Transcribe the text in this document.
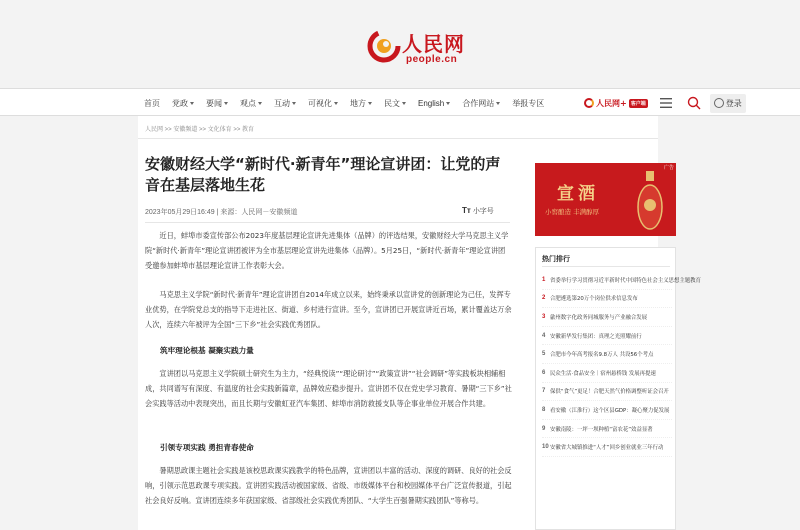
人民网
people.cn
首页 党政 要闻 观点 互动 可视化 地方 民文 English 合作网站 举报专区	人民网+ 客户端	登录
人民网 >> 安徽频道 >> 文化体育 >> 教育
安徽财经大学“新时代·新青年”理论宣讲团：让党的声音在基层落地生花
2023年05月29日16:49 | 来源：人民网－安徽频道	Tт 小字号

近日，蚌埠市委宣传部公布2023年度基层理论宣讲先进集体（品牌）的评选结果，安徽财经大学马克思主义学院“新时代·新青年”理论宣讲团被评为全市基层理论宣讲先进集体（品牌）。5月25日，“新时代·新青年”理论宣讲团受邀参加蚌埠市基层理论宣讲工作表彰大会。

马克思主义学院“新时代·新青年”理论宣讲团自2014年成立以来，始终秉承以宣讲党的创新理论为己任，发挥专业优势，在学院党总支的指导下走进社区、街道、乡村进行宣讲。至今，宣讲团已开展宣讲近百场，累计覆盖达万余人次，连续六年被评为全国“三下乡”社会实践优秀团队。

筑牢理论根基 凝聚实践力量

宣讲团以马克思主义学院硕士研究生为主力，“经典悦读”“理论研讨”“政策宣讲”“社会调研”等实践板块相辅相成，共同谱写有深度、有温度的社会实践新篇章，品牌效应稳步提升。宣讲团不仅在党史学习教育、暑期“三下乡”社会实践等活动中表现突出，而且长期与安徽虹亚汽车集团、蚌埠市消防救援支队等企事业单位开展合作共建。

引领专项实践 勇担青春使命

暑期思政课主题社会实践是该校思政课实践教学的特色品牌，宣讲团以丰富的活动、深度的调研、良好的社会反响，引领示范思政课专项实践。宣讲团实践活动被国家级、省级、市级媒体平台和校园媒体平台广泛宣传报道，引起社会良好反响。宣讲团连续多年获国家级、省部级社会实践优秀团队、“大学生百强暑期实践团队”等称号。

广告
宣酒
小窖酿造 丰满醇厚
热门排行
1 省委举行学习贯彻习近平新时代中国特色社会主义思想主题教育
2 合肥遴选第20万个岗位供求信息发布
3 歙州数字化政务同城服务与产业融合发展
4 安徽新华发行集团：真理之光照耀前行
5 合肥市今年高考报名9.8万人 共设56个考点
6 民众生活·食品安全｜宿州悬桥钱 发展再提速
7 保供“食气”更足！合肥天然气价格调整听证会召开
8 看安徽（江淮行）这个区县GDP：凝心聚力促发展
9 安徽南陵：一坪一坝种植“富农花”效益显著
10 安徽省大城镇推进“人才”回乡创业就业三年行动
